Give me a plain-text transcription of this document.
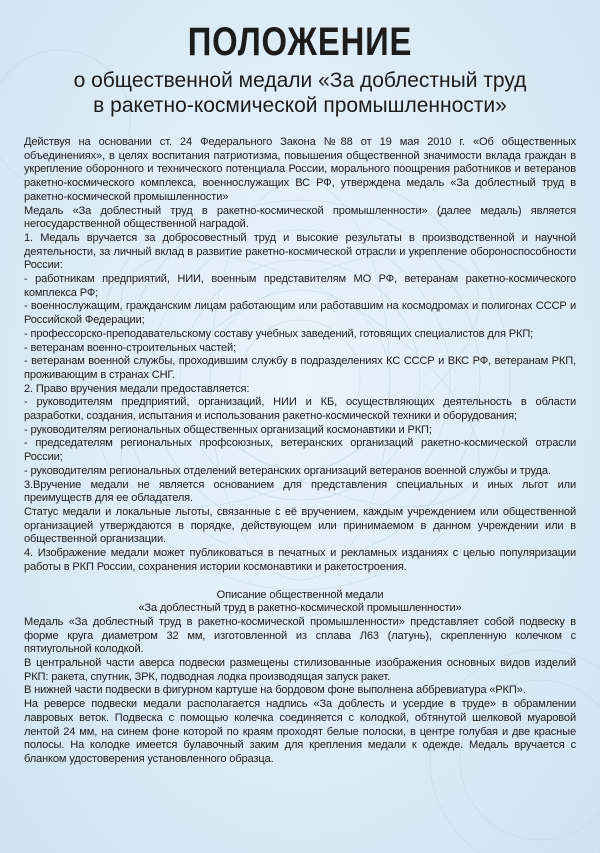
ПОЛОЖЕНИЕ
о общественной медали «За доблестный труд
в ракетно-космической промышленности»

Действуя на основании ст. 24 Федерального Закона №88 от 19 мая 2010 г. «Об общественных объединениях», в целях воспитания патриотизма, повышения общественной значимости вклада граждан в укрепление оборонного и технического потенциала России, морального поощрения работников и ветеранов ракетно-космического комплекса, военнослужащих ВС РФ, утверждена медаль «За доблестный труд в ракетно-космической промышленности»

Медаль «За доблестный труд в ракетно-космической промышленности» (далее медаль) является негосударственной общественной наградой.

1. Медаль вручается за добросовестный труд и высокие результаты в производственной и научной деятельности, за личный вклад в развитие ракетно-космической отрасли и укрепление обороноспособности России:

- работникам предприятий, НИИ, военным представителям МО РФ, ветеранам ракетно-космического комплекса РФ;

- военнослужащим, гражданским лицам работающим или работавшим на космодромах и полигонах СССР и Российской Федерации;

- профессорско-преподавательскому составу учебных заведений, готовящих специалистов для РКП;

- ветеранам военно-строительных частей;

- ветеранам военной службы, проходившим службу в подразделениях КС СССР и ВКС РФ, ветеранам РКП, проживающим в странах СНГ.

2. Право вручения медали предоставляется:

- руководителям предприятий, организаций, НИИ и КБ, осуществляющих деятельность в области разработки, создания, испытания и использования ракетно-космической техники и оборудования;

- руководителям региональных общественных организаций космонавтики и РКП;

- председателям региональных профсоюзных, ветеранских организаций ракетно-космической отрасли России;

- руководителям региональных отделений ветеранских организаций ветеранов военной службы и труда.

3.Вручение медали не является основанием для представления специальных и иных льгот или преимуществ для ее обладателя.

Статус медали и локальные льготы, связанные с её вручением, каждым учреждением или общественной организацией утверждаются в порядке, действующем или принимаемом в данном учреждении или в общественной организации.

4. Изображение медали может публиковаться в печатных и рекламных изданиях с целью популяризации работы в РКП России, сохранения истории космонавтики и ракетостроения.

Описание общественной медали

«За доблестный труд в ракетно-космической промышленности»

Медаль «За доблестный труд в ракетно-космической промышленности» представляет собой подвеску в форме круга диаметром 32 мм, изготовленной из сплава Л63 (латунь), скрепленную колечком с пятиугольной колодкой.

В центральной части аверса подвески размещены стилизованные изображения основных видов изделий РКП: ракета, спутник, ЗРК, подводная лодка производящая запуск ракет.

В нижней части подвески в фигурном картуше на бордовом фоне выполнена аббревиатура «РКП».

На реверсе подвески медали располагается надпись «За доблесть и усердие в труде» в обрамлении лавровых веток. Подвеска с помощью колечка соединяется с колодкой, обтянутой шелковой муаровой лентой 24 мм, на синем фоне которой по краям проходят белые полоски, в центре голубая и две красные полосы. На колодке имеется булавочный заким для крепления медали к одежде. Медаль вручается с бланком удостоверения установленного образца.
